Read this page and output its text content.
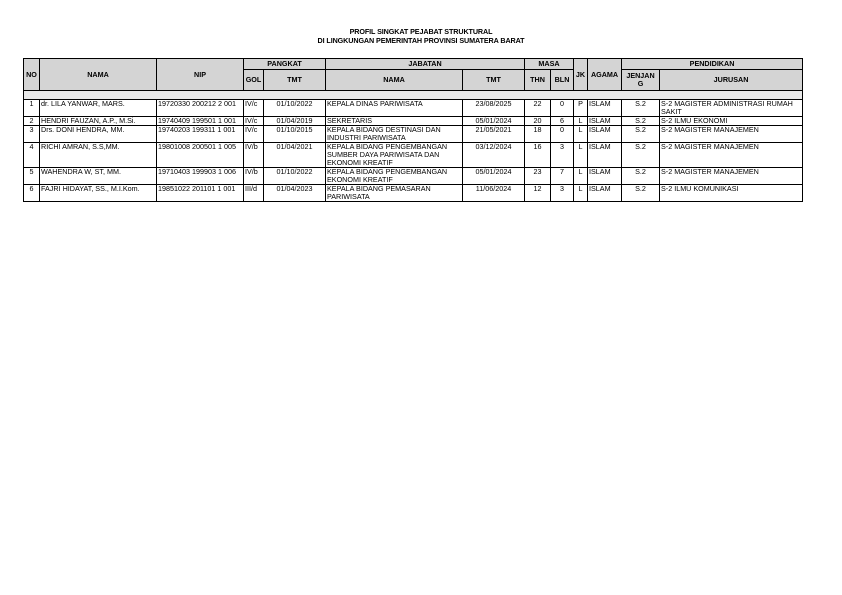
PROFIL SINGKAT PEJABAT STRUKTURAL
DI LINGKUNGAN PEMERINTAH PROVINSI SUMATERA BARAT
NO	NAMA	NIP	PANGKAT		JABATAN		MASA		JK	AGAMA	PENDIDIKAN	
			GOL	TMT	NAMA	TMT	THN	BLN			JENJAN G	JURUSAN

1	dr. LILA YANWAR, MARS.	19720330 200212 2 001	IV/c	01/10/2022	KEPALA DINAS PARIWISATA	23/08/2025	22	0	P	ISLAM	S.2	S-2 MAGISTER ADMINISTRASI RUMAH SAKIT
2	HENDRI FAUZAN, A.P., M.Si.	19740409 199501 1 001	IV/c	01/04/2019	SEKRETARIS	05/01/2024	20	6	L	ISLAM	S.2	S-2 ILMU EKONOMI
3	Drs. DONI HENDRA, MM.	19740203 199311 1 001	IV/c	01/10/2015	KEPALA BIDANG DESTINASI DAN INDUSTRI PARIWISATA	21/05/2021	18	0	L	ISLAM	S.2	S-2 MAGISTER MANAJEMEN
4	RICHI AMRAN, S.S,MM.	19801008 200501 1 005	IV/b	01/04/2021	KEPALA BIDANG PENGEMBANGAN SUMBER DAYA PARIWISATA DAN EKONOMI KREATIF	03/12/2024	16	3	L	ISLAM	S.2	S-2 MAGISTER MANAJEMEN
5	WAHENDRA W, ST, MM.	19710403 199903 1 006	IV/b	01/10/2022	KEPALA BIDANG PENGEMBANGAN EKONOMI KREATIF	05/01/2024	23	7	L	ISLAM	S.2	S-2 MAGISTER MANAJEMEN
6	FAJRI HIDAYAT, SS., M.I.Kom.	19851022 201101 1 001	III/d	01/04/2023	KEPALA BIDANG PEMASARAN PARIWISATA	11/06/2024	12	3	L	ISLAM	S.2	S-2 ILMU KOMUNIKASI
